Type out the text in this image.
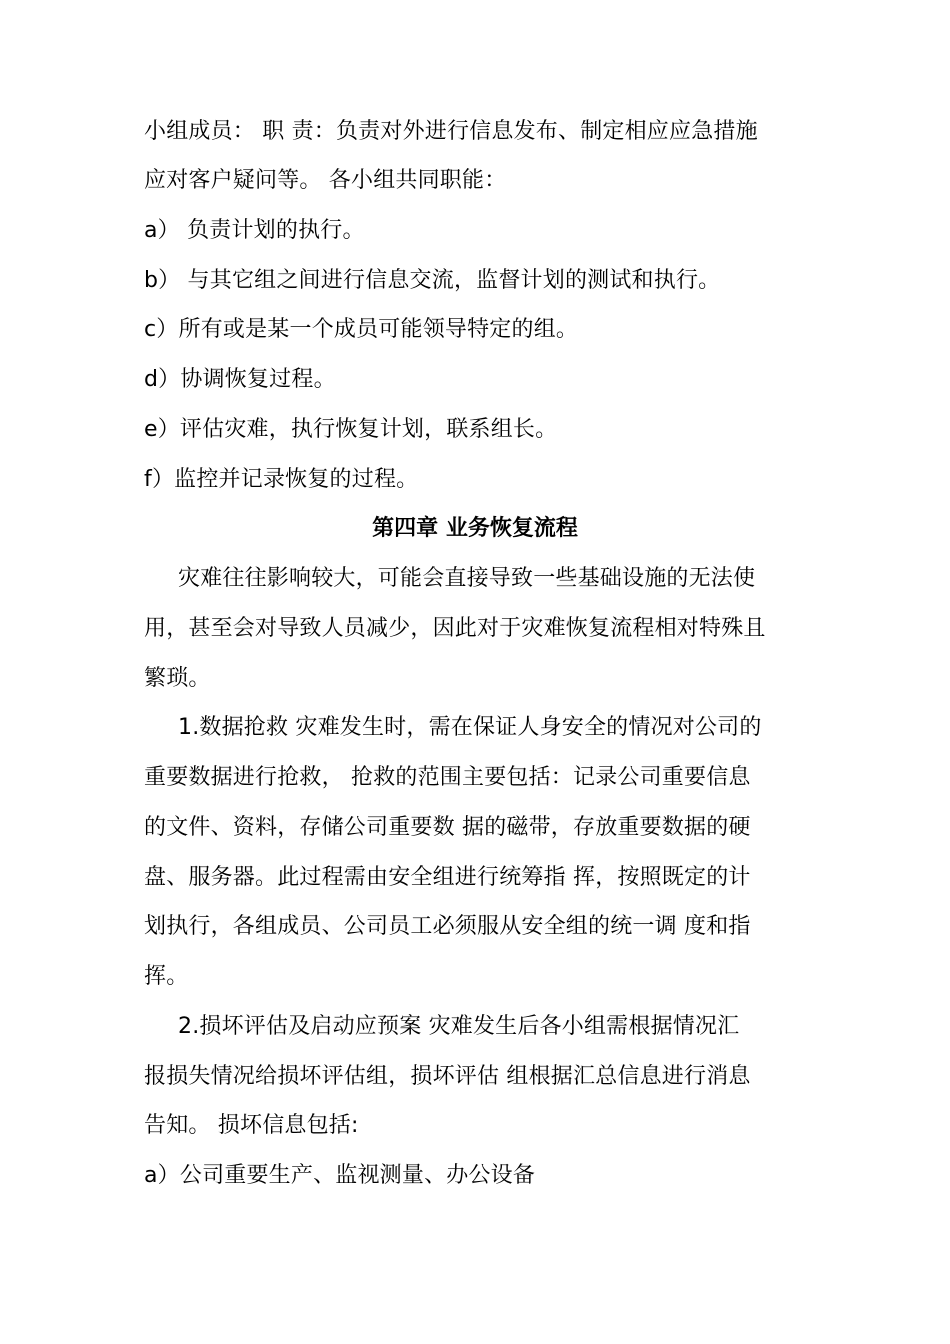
小组成员： 职 责：负责对外进行信息发布、制定相应应急措施
应对客户疑问等。 各小组共同职能：
a） 负责计划的执行。
b） 与其它组之间进行信息交流，监督计划的测试和执行。
c）所有或是某一个成员可能领导特定的组。
d）协调恢复过程。
e）评估灾难，执行恢复计划，联系组长。
f）监控并记录恢复的过程。
第四章 业务恢复流程
灾难往往影响较大，可能会直接导致一些基础设施的无法使
用，甚至会对导致人员减少，因此对于灾难恢复流程相对特殊且
繁琐。
1.数据抢救 灾难发生时，需在保证人身安全的情况对公司的
重要数据进行抢救， 抢救的范围主要包括：记录公司重要信息
的文件、资料，存储公司重要数 据的磁带，存放重要数据的硬
盘、服务器。此过程需由安全组进行统筹指 挥，按照既定的计
划执行，各组成员、公司员工必须服从安全组的统一调 度和指
挥。
2.损坏评估及启动应预案 灾难发生后各小组需根据情况汇
报损失情况给损坏评估组，损坏评估 组根据汇总信息进行消息
告知。 损坏信息包括:
a）公司重要生产、监视测量、办公设备
